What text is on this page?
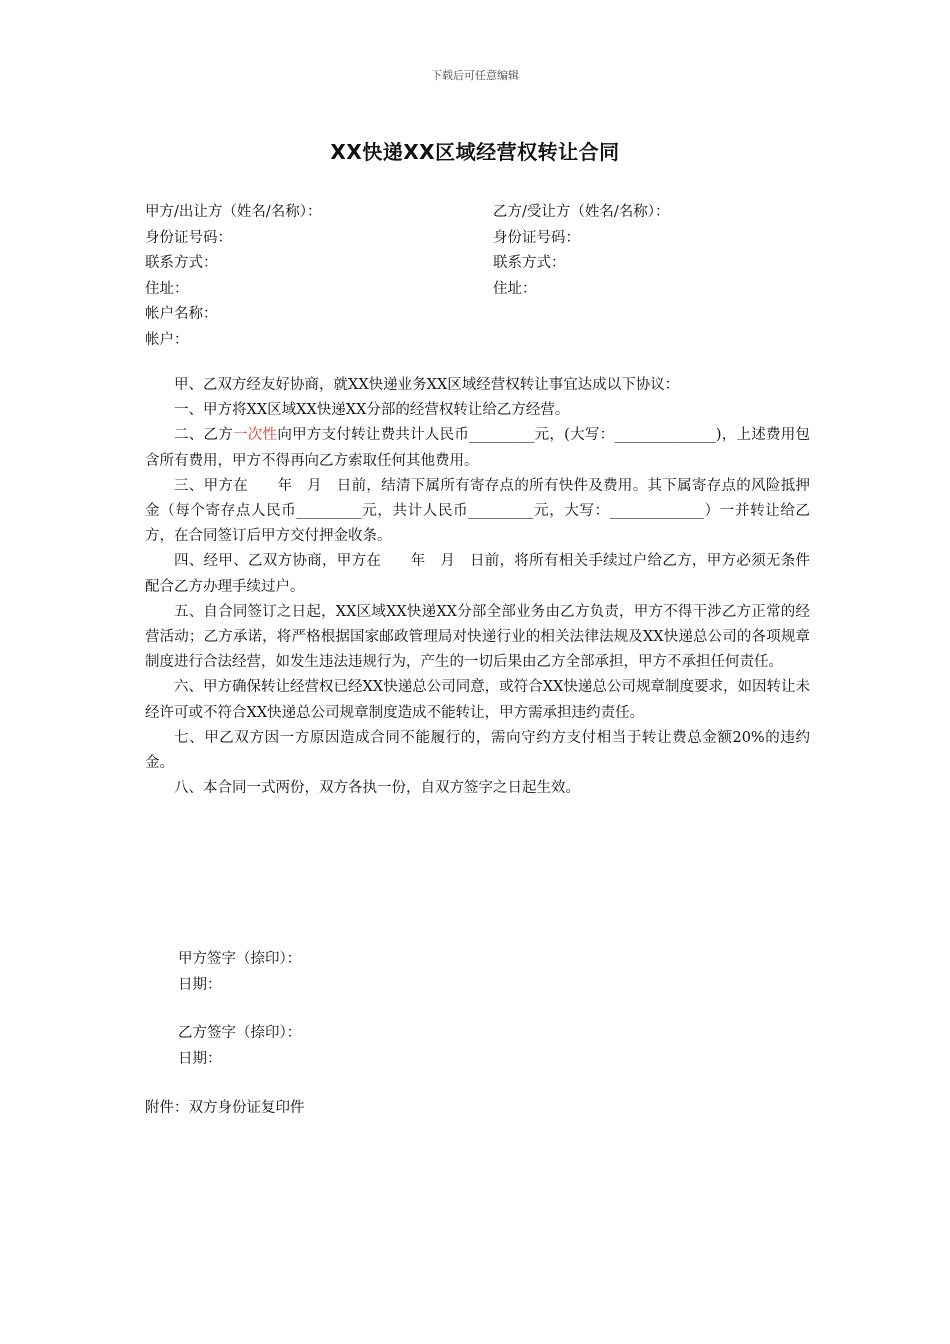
下载后可任意编辑
XX快递XX区域经营权转让合同
甲方/出让方（姓名/名称）：	乙方/受让方（姓名/名称）：
身份证号码：	身份证号码：
联系方式：	联系方式：
住址：	住址：
帐户名称：
帐户：

甲、乙双方经友好协商，就XX快递业务XX区域经营权转让事宜达成以下协议：

一、甲方将XX区域XX快递XX分部的经营权转让给乙方经营。

二、乙方一次性向甲方支付转让费共计人民币_________元，(大写：______________)，上述费用包含所有费用，甲方不得再向乙方索取任何其他费用。

三、甲方在　　年　月　日前，结清下属所有寄存点的所有快件及费用。其下属寄存点的风险抵押金（每个寄存点人民币_________元，共计人民币_________元，大写：_____________）一并转让给乙方，在合同签订后甲方交付押金收条。

四、经甲、乙双方协商，甲方在　　年　月　日前，将所有相关手续过户给乙方，甲方必须无条件配合乙方办理手续过户。

五、自合同签订之日起，XX区域XX快递XX分部全部业务由乙方负责，甲方不得干涉乙方正常的经营活动；乙方承诺，将严格根据国家邮政管理局对快递行业的相关法律法规及XX快递总公司的各项规章制度进行合法经营，如发生违法违规行为，产生的一切后果由乙方全部承担，甲方不承担任何责任。

六、甲方确保转让经营权已经XX快递总公司同意，或符合XX快递总公司规章制度要求，如因转让未经许可或不符合XX快递总公司规章制度造成不能转让，甲方需承担违约责任。

七、甲乙双方因一方原因造成合同不能履行的，需向守约方支付相当于转让费总金额20%的违约金。

八、本合同一式两份，双方各执一份，自双方签字之日起生效。

甲方签字（捺印）：
日期：
乙方签字（捺印）：
日期：
附件：双方身份证复印件
